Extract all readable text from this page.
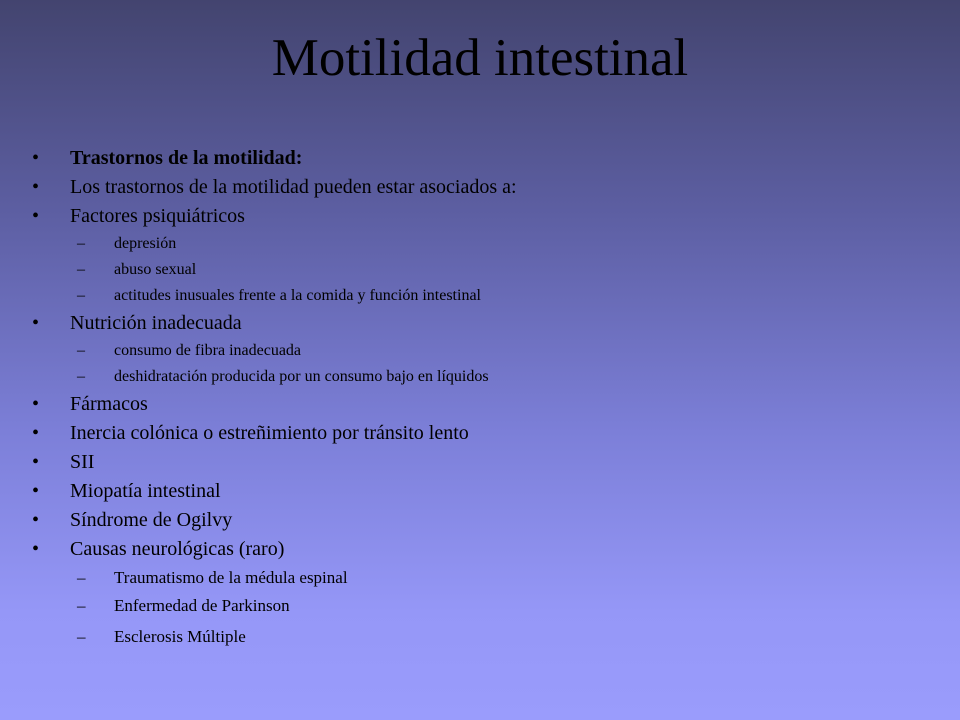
Motilidad intestinal
• Trastornos de la motilidad:
• Los trastornos de la motilidad pueden estar asociados a:
• Factores psiquiátricos
– depresión
– abuso sexual
– actitudes inusuales frente a la comida y función intestinal
• Nutrición inadecuada
– consumo de fibra inadecuada
– deshidratación producida por un consumo bajo en líquidos
• Fármacos
• Inercia colónica o estreñimiento por tránsito lento
• SII
• Miopatía intestinal
• Síndrome de Ogilvy
• Causas neurológicas (raro)
– Traumatismo de la médula espinal
– Enfermedad de Parkinson
– Esclerosis Múltiple
